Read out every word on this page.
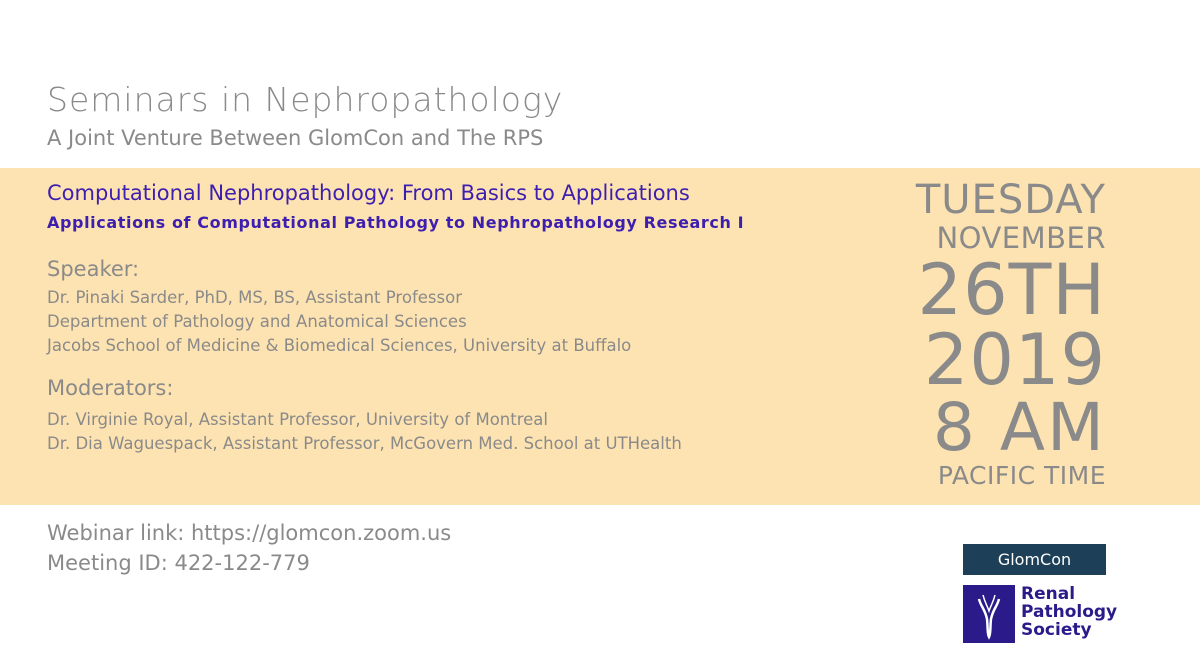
Seminars in Nephropathology
A Joint Venture Between GlomCon and The RPS
Computational Nephropathology: From Basics to Applications
Applications of Computational Pathology to Nephropathology Research I
Speaker:
Dr. Pinaki Sarder, PhD, MS, BS, Assistant Professor
Department of Pathology and Anatomical Sciences
Jacobs School of Medicine & Biomedical Sciences, University at Buffalo
Moderators:
Dr. Virginie Royal, Assistant Professor, University of Montreal
Dr. Dia Waguespack, Assistant Professor, McGovern Med. School at UTHealth
TUESDAY
NOVEMBER
26TH
2019
8 AM
PACIFIC TIME
Webinar link: https://glomcon.zoom.us
Meeting ID: 422-122-779	GlomCon
Renal
Pathology
Society
